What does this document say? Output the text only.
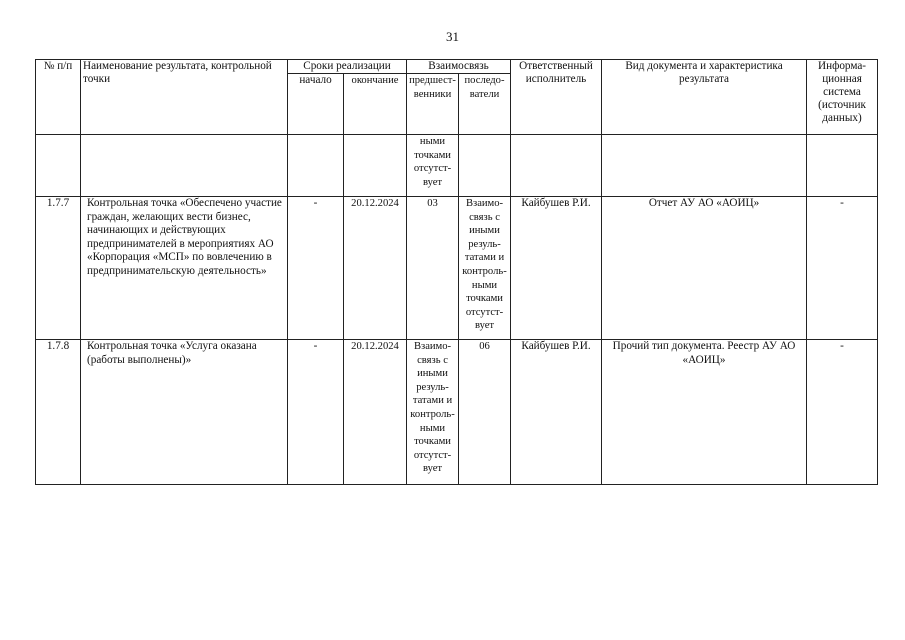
31
№ п/п	Наименование результата, контрольной точки	Сроки реализации		Взаимосвязь		Ответственный исполнитель	Вид документа и характеристика результата	Информа-ционная система (источник данных)
		начало	окончание	предшест-венники	последо-ватели			
				ными точками отсутст-вует				
1.7.7	Контрольная точка «Обеспечено участие граждан, желающих вести бизнес, начинающих и действующих предпринимателей в мероприятиях АО «Корпорация «МСП» по вовлечению в предпринимательскую деятельность»	-	20.12.2024	03	Взаимо-связь с иными резуль-татами и контроль-ными точками отсутст-вует	Кайбушев Р.И.	Отчет АУ АО «АОИЦ»	-
1.7.8	Контрольная точка «Услуга оказана (работы выполнены)»	-	20.12.2024	Взаимо-связь с иными резуль-татами и контроль-ными точками отсутст-вует	06	Кайбушев Р.И.	Прочий тип документа. Реестр АУ АО «АОИЦ»	-
